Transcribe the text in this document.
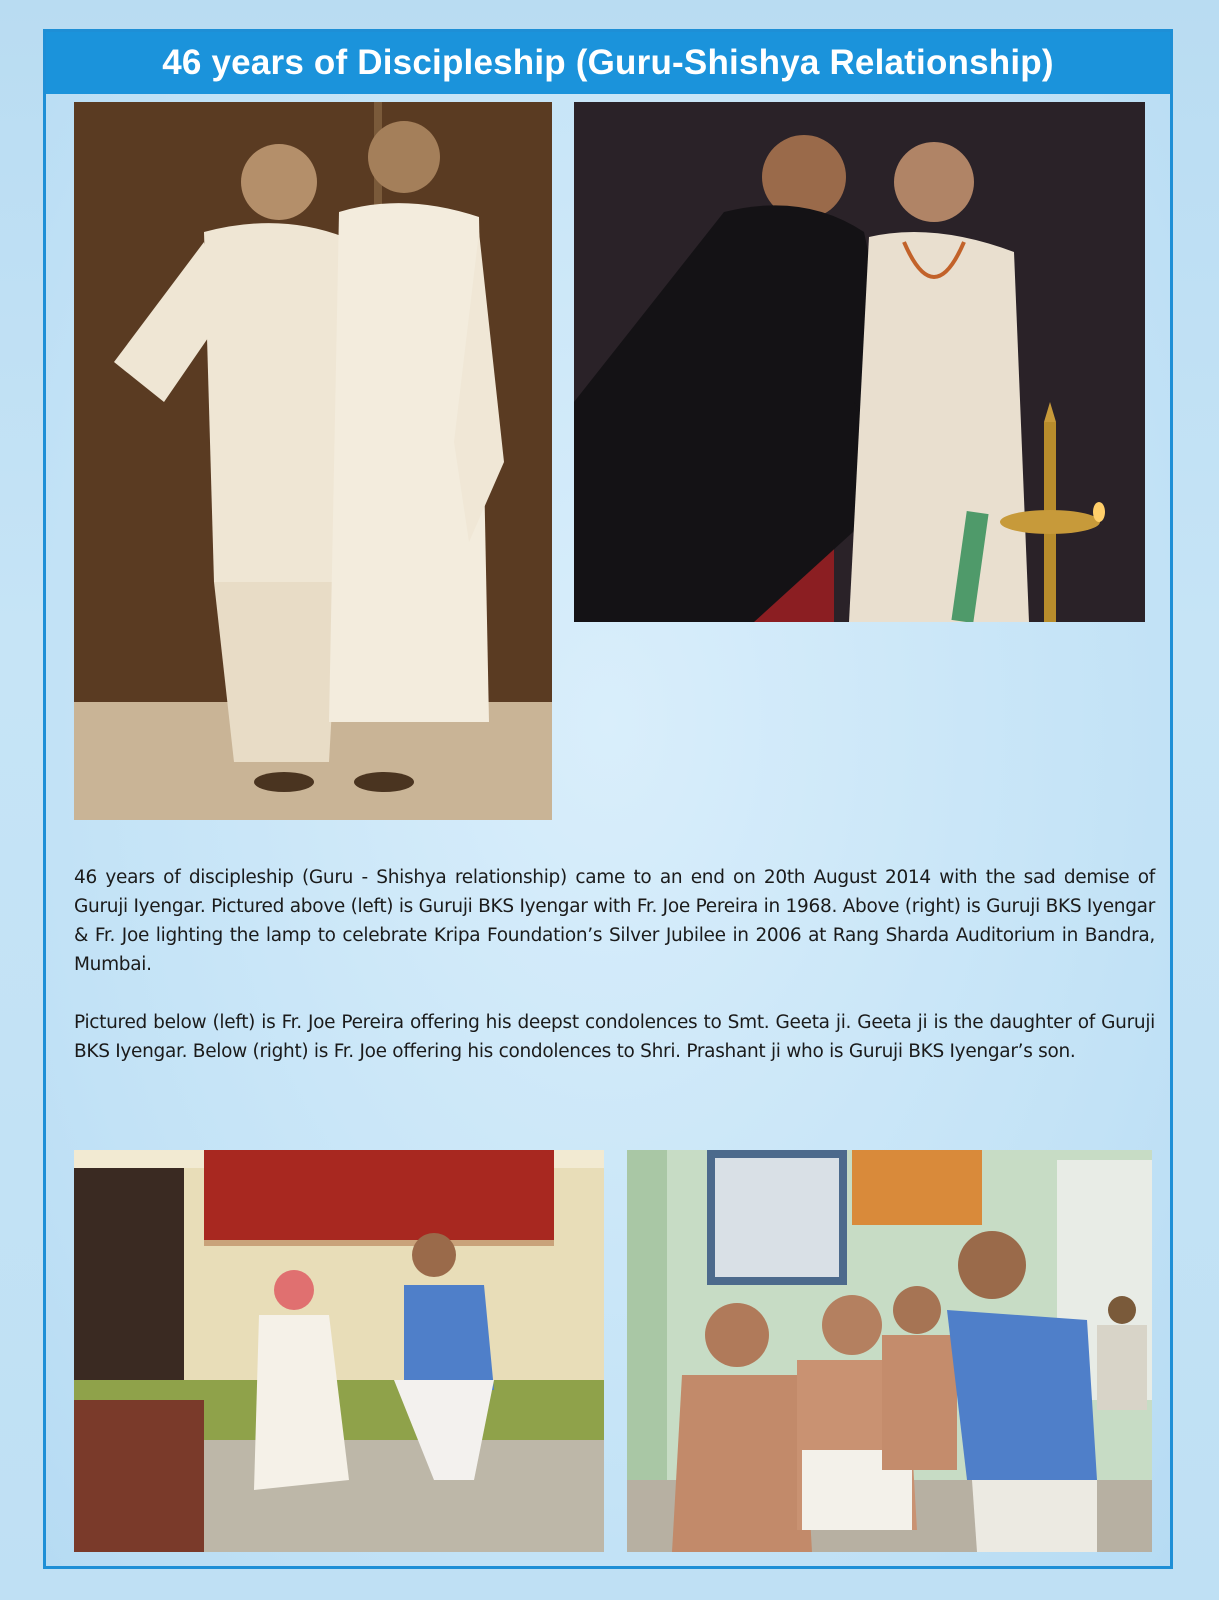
46 years of Discipleship (Guru-Shishya Relationship)

46 years of discipleship (Guru - Shishya relationship) came to an end on 20th August 2014 with the sad demise of Guruji Iyengar. Pictured above (left) is Guruji BKS Iyengar with Fr. Joe Pereira in 1968. Above (right) is Guruji BKS Iyengar & Fr. Joe lighting the lamp to celebrate Kripa Foundation’s Silver Jubilee in 2006 at Rang Sharda Auditorium in Bandra, Mumbai.

Pictured below (left) is Fr. Joe Pereira offering his deepst condolences to Smt. Geeta ji. Geeta ji is the daughter of Guruji BKS Iyengar. Below (right) is Fr. Joe offering his condolences to Shri. Prashant ji who is Guruji BKS Iyengar’s son.
